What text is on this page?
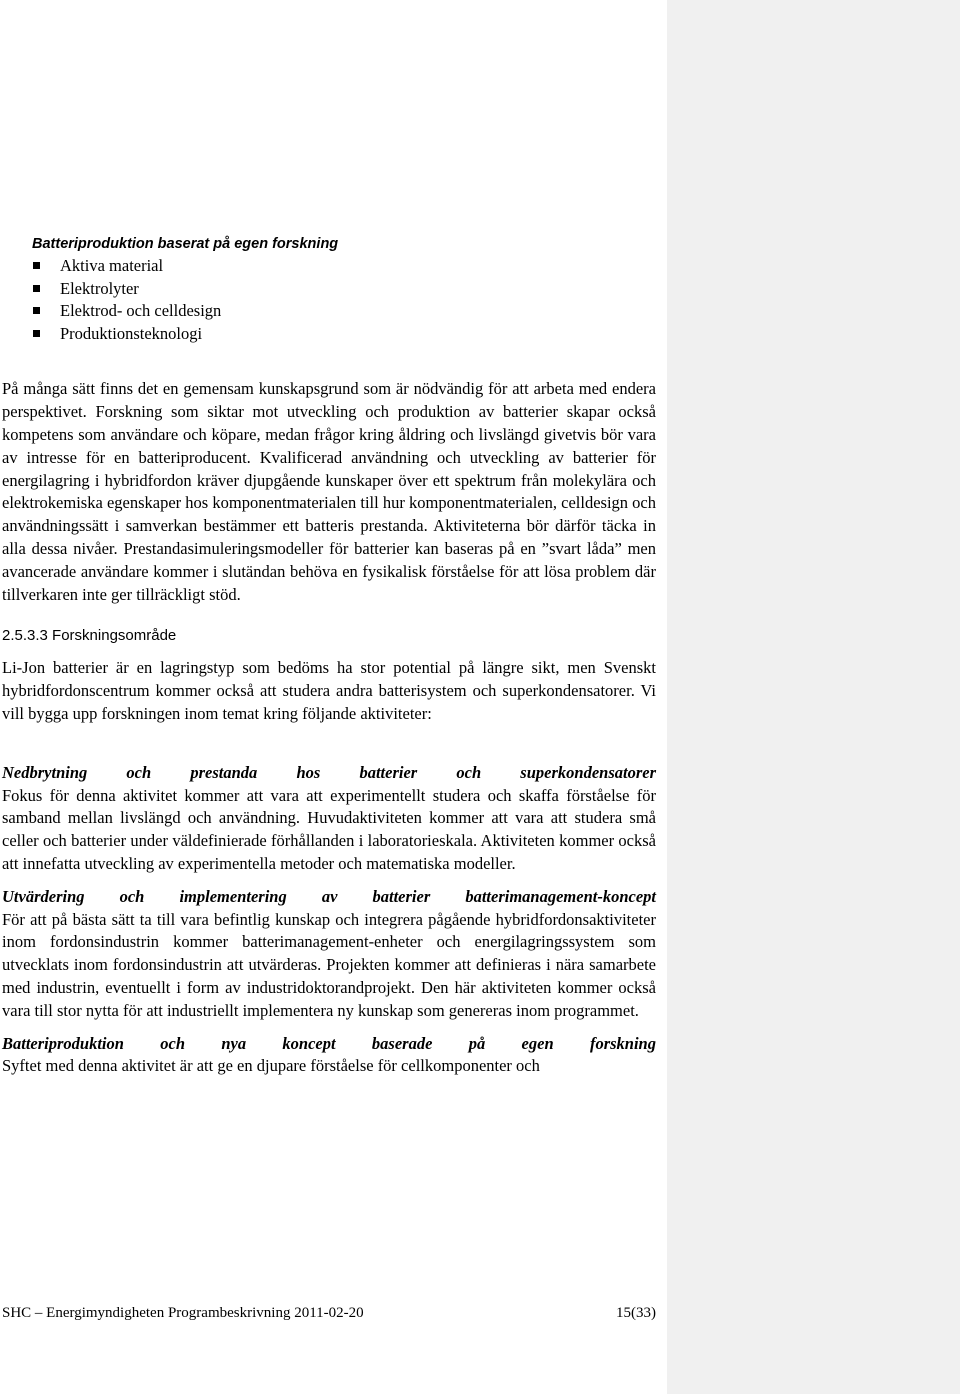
Batteriproduktion baserat på egen forskning
Aktiva material
Elektrolyter
Elektrod- och celldesign
Produktionsteknologi

På många sätt finns det en gemensam kunskapsgrund som är nödvändig för att arbeta med endera perspektivet. Forskning som siktar mot utveckling och produktion av batterier skapar också kompetens som användare och köpare, medan frågor kring åldring och livslängd givetvis bör vara av intresse för en batteriproducent. Kvalificerad användning och utveckling av batterier för energilagring i hybridfordon kräver djupgående kunskaper över ett spektrum från molekylära och elektrokemiska egenskaper hos komponentmaterialen till hur komponentmaterialen, celldesign och användningssätt i samverkan bestämmer ett batteris prestanda. Aktiviteterna bör därför täcka in alla dessa nivåer. Prestandasimuleringsmodeller för batterier kan baseras på en ”svart låda” men avancerade användare kommer i slutändan behöva en fysikalisk förståelse för att lösa problem där tillverkaren inte ger tillräckligt stöd.

2.5.3.3 Forskningsområde

Li-Jon batterier är en lagringstyp som bedöms ha stor potential på längre sikt, men Svenskt hybridfordonscentrum kommer också att studera andra batterisystem och superkondensatorer. Vi vill bygga upp forskningen inom temat kring följande aktiviteter:

Nedbrytning och prestanda hos batterier och superkondensatorer

Fokus för denna aktivitet kommer att vara att experimentellt studera och skaffa förståelse för samband mellan livslängd och användning. Huvudaktiviteten kommer att vara att studera små celler och batterier under väldefinierade förhållanden i laboratorieskala. Aktiviteten kommer också att innefatta utveckling av experimentella metoder och matematiska modeller.

Utvärdering och implementering av batterier batterimanagement-koncept

För att på bästa sätt ta till vara befintlig kunskap och integrera pågående hybridfordonsaktiviteter inom fordonsindustrin kommer batterimanagement-enheter och energilagringssystem som utvecklats inom fordonsindustrin att utvärderas. Projekten kommer att definieras i nära samarbete med industrin, eventuellt i form av industridoktorandprojekt. Den här aktiviteten kommer också vara till stor nytta för att industriellt implementera ny kunskap som genereras inom programmet.

Batteriproduktion och nya koncept baserade på egen forskning

Syftet med denna aktivitet är att ge en djupare förståelse för cellkomponenter och

SHC – Energimyndigheten Programbeskrivning 2011-02-20	15(33)
